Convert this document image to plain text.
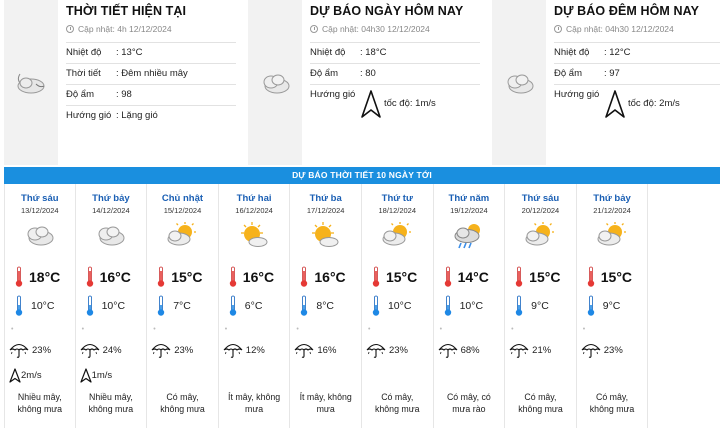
THỜI TIẾT HIỆN TẠI
Cập nhật: 4h 12/12/2024
Nhiệt độ	: 13°C
Thời tiết	: Đêm nhiều mây
Độ ẩm	: 98
Hướng gió : Lặng gió
DỰ BÁO NGÀY HÔM NAY
Cập nhật: 04h30 12/12/2024
Nhiệt độ	: 18°C
Độ ẩm	: 80
Hướng gió
tốc độ: 1m/s
DỰ BÁO ĐÊM HÔM NAY
Cập nhật: 04h30 12/12/2024
Nhiệt độ	: 12°C
Độ ẩm	: 97
Hướng gió
tốc độ: 2m/s
DỰ BÁO THỜI TIẾT 10 NGÀY TỚI
Thứ sáu
13/12/2024
18°C
10°C
•
23%
2m/s
Nhiều mây,
không mưa
Thứ bảy
14/12/2024
16°C
10°C
•
24%
1m/s
Nhiều mây,
không mưa
Chủ nhật
15/12/2024
15°C
7°C
•
23%
Có mây,
không mưa
Thứ hai
16/12/2024
16°C
6°C
•
12%
Ít mây, không
mưa
Thứ ba
17/12/2024
16°C
8°C
•
16%
Ít mây, không
mưa
Thứ tư
18/12/2024
15°C
10°C
•
23%
Có mây,
không mưa
Thứ năm
19/12/2024
14°C
10°C
•
68%
Có mây, có
mưa rào
Thứ sáu
20/12/2024
15°C
9°C
•
21%
Có mây,
không mưa
Thứ bảy
21/12/2024
15°C
9°C
•
23%
Có mây,
không mưa
